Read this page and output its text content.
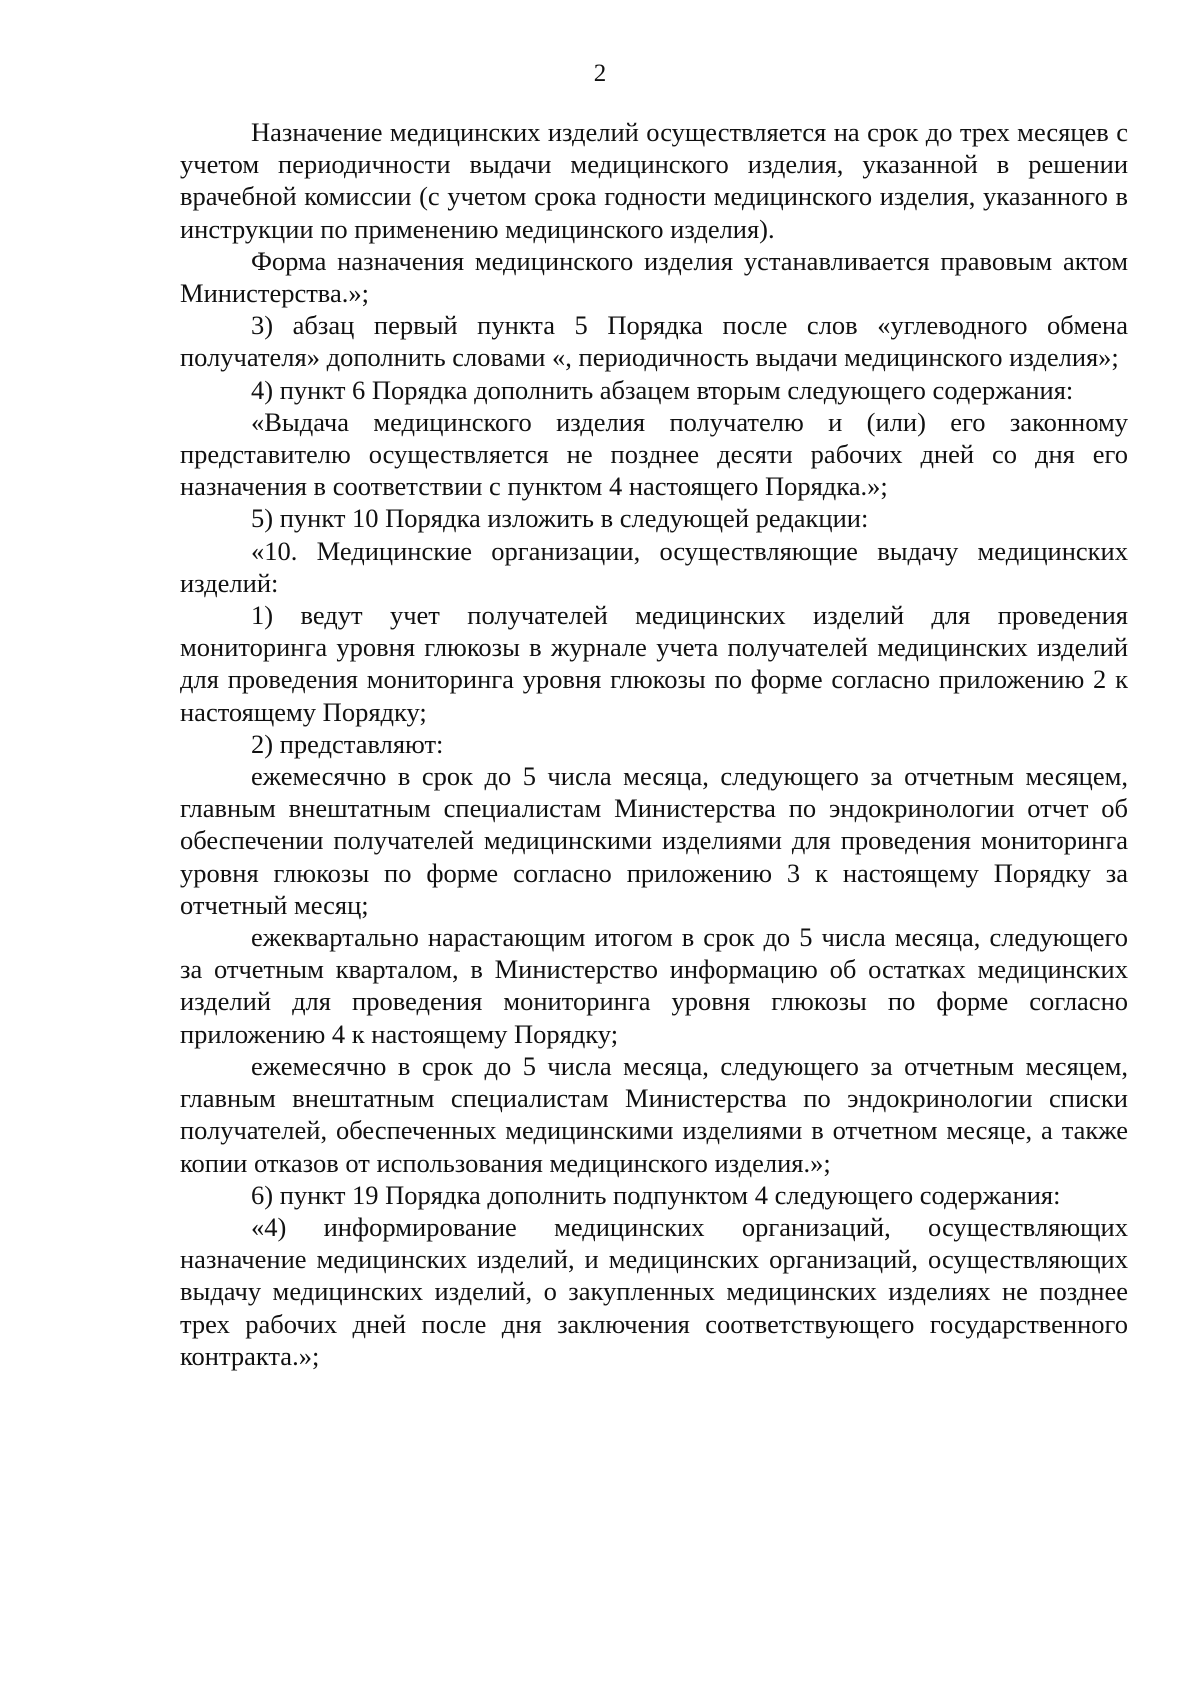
2

Назначение медицинских изделий осуществляется на срок до трех месяцев с учетом периодичности выдачи медицинского изделия, указанной в решении врачебной комиссии (с учетом срока годности медицинского изделия, указанного в инструкции по применению медицинского изделия).

Форма назначения медицинского изделия устанавливается правовым актом Министерства.»;

3) абзац первый пункта 5 Порядка после слов «углеводного обмена получателя» дополнить словами «, периодичность выдачи медицинского изделия»;

4) пункт 6 Порядка дополнить абзацем вторым следующего содержания:

«Выдача медицинского изделия получателю и (или) его законному представителю осуществляется не позднее десяти рабочих дней со дня его назначения в соответствии с пунктом 4 настоящего Порядка.»;

5) пункт 10 Порядка изложить в следующей редакции:

«10. Медицинские организации, осуществляющие выдачу медицинских изделий:

1) ведут учет получателей медицинских изделий для проведения мониторинга уровня глюкозы в журнале учета получателей медицинских изделий для проведения мониторинга уровня глюкозы по форме согласно приложению 2 к настоящему Порядку;

2) представляют:

ежемесячно в срок до 5 числа месяца, следующего за отчетным месяцем, главным внештатным специалистам Министерства по эндокринологии отчет об обеспечении получателей медицинскими изделиями для проведения мониторинга уровня глюкозы по форме согласно приложению 3 к настоящему Порядку за отчетный месяц;

ежеквартально нарастающим итогом в срок до 5 числа месяца, следующего за отчетным кварталом, в Министерство информацию об остатках медицинских изделий для проведения мониторинга уровня глюкозы по форме согласно приложению 4 к настоящему Порядку;

ежемесячно в срок до 5 числа месяца, следующего за отчетным месяцем, главным внештатным специалистам Министерства по эндокринологии списки получателей, обеспеченных медицинскими изделиями в отчетном месяце, а также копии отказов от использования медицинского изделия.»;

6) пункт 19 Порядка дополнить подпунктом 4 следующего содержания:

«4) информирование медицинских организаций, осуществляющих назначение медицинских изделий, и медицинских организаций, осуществляющих выдачу медицинских изделий, о закупленных медицинских изделиях не позднее трех рабочих дней после дня заключения соответствующего государственного контракта.»;
